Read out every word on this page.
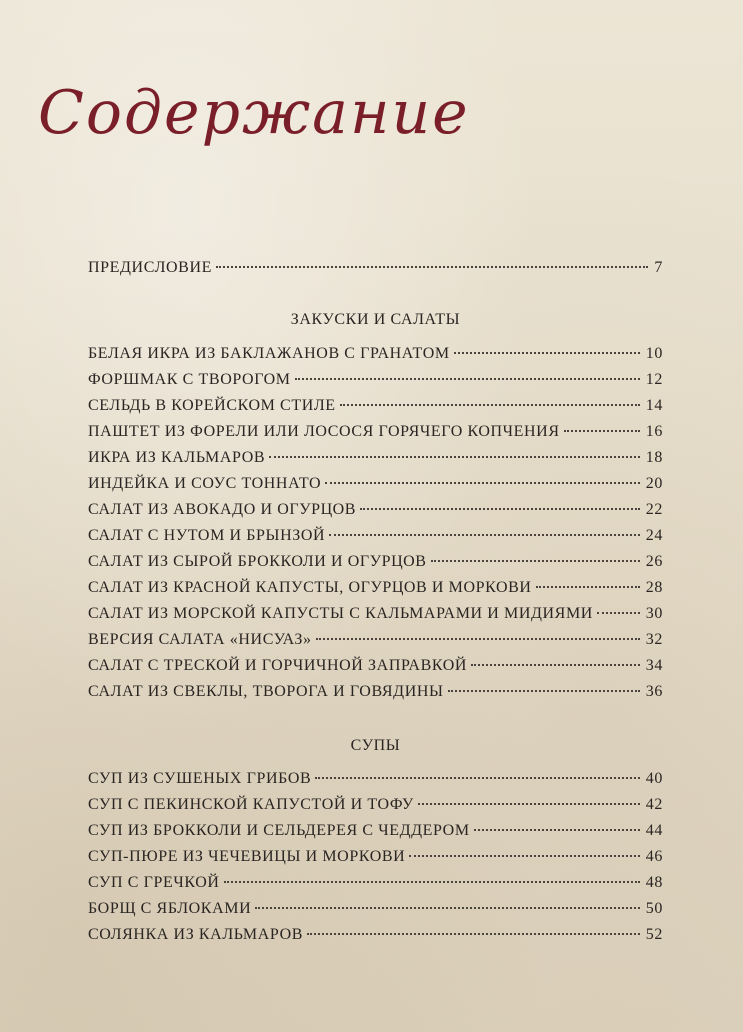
Содержание
ПРЕДИСЛОВИЕ	7
ЗАКУСКИ И САЛАТЫ
БЕЛАЯ ИКРА ИЗ БАКЛАЖАНОВ С ГРАНАТОМ	10
ФОРШМАК С ТВОРОГОМ	12
СЕЛЬДЬ В КОРЕЙСКОМ СТИЛЕ	14
ПАШТЕТ ИЗ ФОРЕЛИ ИЛИ ЛОСОСЯ ГОРЯЧЕГО КОПЧЕНИЯ	16
ИКРА ИЗ КАЛЬМАРОВ	18
ИНДЕЙКА И СОУС ТОННАТО	20
САЛАТ ИЗ АВОКАДО И ОГУРЦОВ	22
САЛАТ С НУТОМ И БРЫНЗОЙ	24
САЛАТ ИЗ СЫРОЙ БРОККОЛИ И ОГУРЦОВ	26
САЛАТ ИЗ КРАСНОЙ КАПУСТЫ, ОГУРЦОВ И МОРКОВИ	28
САЛАТ ИЗ МОРСКОЙ КАПУСТЫ С КАЛЬМАРАМИ И МИДИЯМИ	30
ВЕРСИЯ САЛАТА «НИСУАЗ»	32
САЛАТ С ТРЕСКОЙ И ГОРЧИЧНОЙ ЗАПРАВКОЙ	34
САЛАТ ИЗ СВЕКЛЫ, ТВОРОГА И ГОВЯДИНЫ	36
СУПЫ
СУП ИЗ СУШЕНЫХ ГРИБОВ	40
СУП С ПЕКИНСКОЙ КАПУСТОЙ И ТОФУ	42
СУП ИЗ БРОККОЛИ И СЕЛЬДЕРЕЯ С ЧЕДДЕРОМ	44
СУП-ПЮРЕ ИЗ ЧЕЧЕВИЦЫ И МОРКОВИ	46
СУП С ГРЕЧКОЙ	48
БОРЩ С ЯБЛОКАМИ	50
СОЛЯНКА ИЗ КАЛЬМАРОВ	52
